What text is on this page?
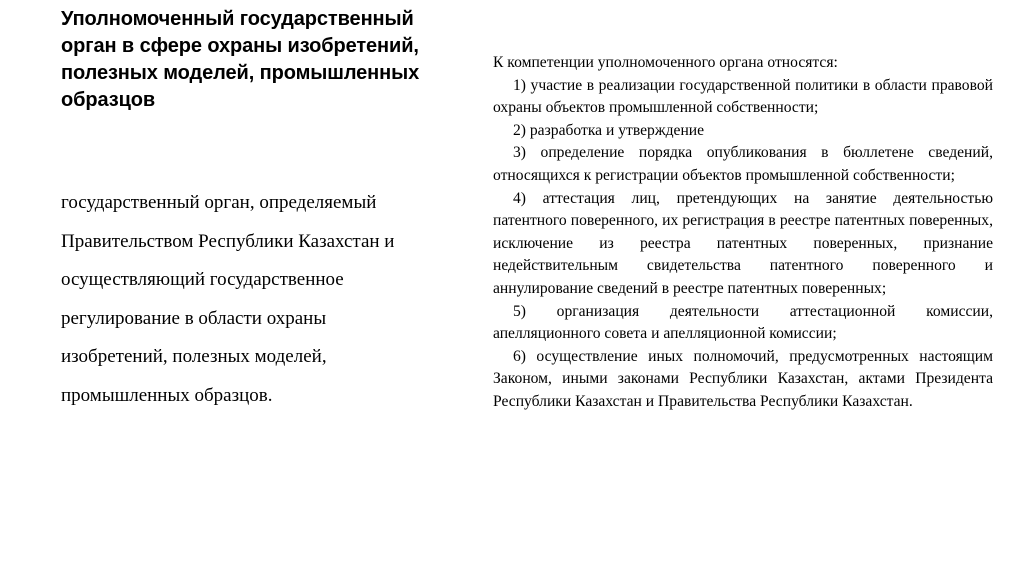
Уполномоченный государственный орган в сфере охраны изобретений, полезных моделей, промышленных образцов
государственный орган, определяемый Правительством Республики Казахстан и осуществляющий государственное регулирование в области охраны изобретений, полезных моделей, промышленных образцов.

К компетенции уполномоченного органа относятся:

1) участие в реализации государственной политики в области правовой охраны объектов промышленной собственности;
2) разработка и утверждение
3) определение порядка опубликования в бюллетене сведений, относящихся к регистрации объектов промышленной собственности;
4) аттестация лиц, претендующих на занятие деятельностью патентного поверенного, их регистрация в реестре патентных поверенных, исключение из реестра патентных поверенных, признание недействительным свидетельства патентного поверенного и аннулирование сведений в реестре патентных поверенных;
5) организация деятельности аттестационной комиссии, апелляционного совета и апелляционной комиссии;
6) осуществление иных полномочий, предусмотренных настоящим Законом, иными законами Республики Казахстан, актами Президента Республики Казахстан и Правительства Республики Казахстан.
